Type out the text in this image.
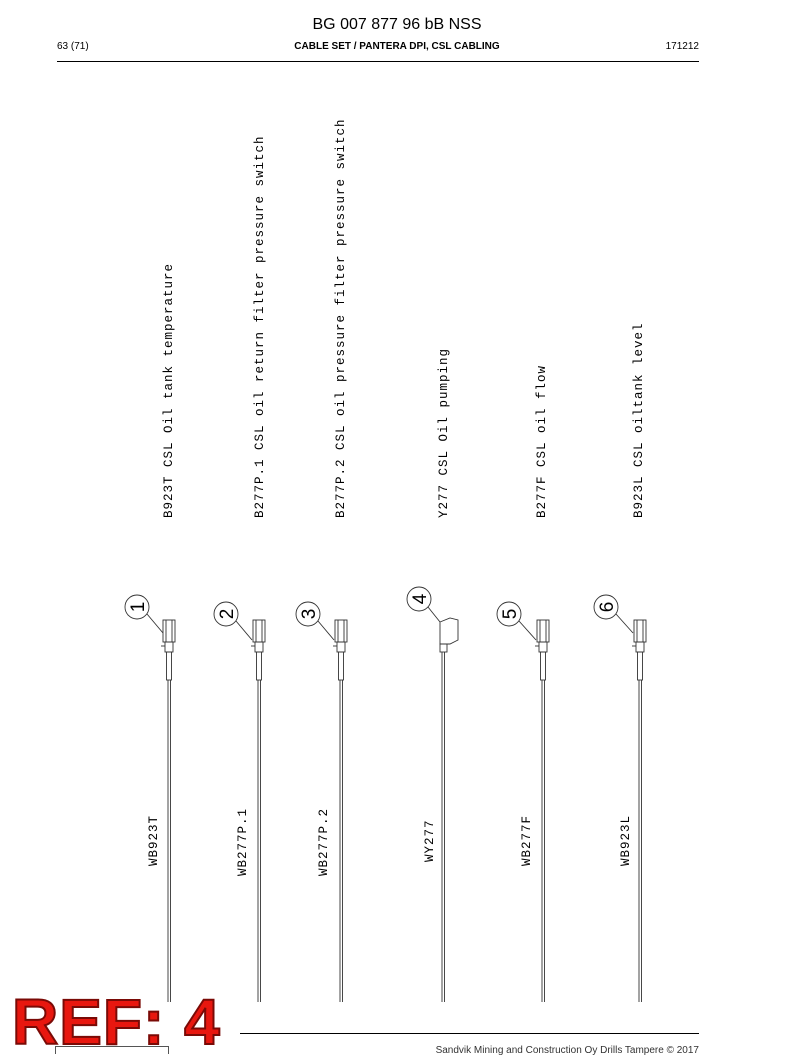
BG 007 877 96 bB NSS
63 (71)	CABLE SET / PANTERA DPI, CSL CABLING	171212
B923T CSL Oil tank temperature	B277P.1 CSL oil return filter pressure switch	B277P.2 CSL oil pressure filter pressure switch	Y277 CSL Oil pumping	B277F CSL oil flow	B923L CSL oiltank level
WB923T	WB277P.1	WB277P.2	WY277	WB277F	WB923L
1
2	3
4
5
6
Sandvik Mining and Construction Oy Drills Tampere © 2017
REF: 4
